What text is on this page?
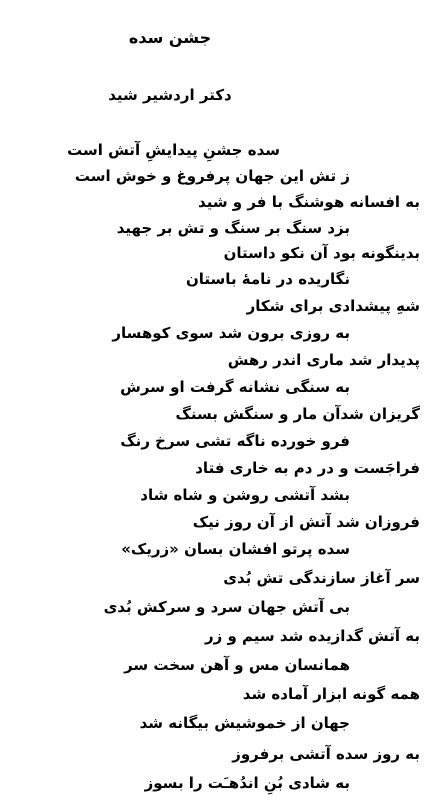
جشن سده
دکتر اردشیر شید
سده جشنِ پیدایشِ آتش است
ز تش این جهان پرفروغ و خوش است
به افسانه هوشنگ با فر و شید
بزد سنگ بر سنگ و تش بر جهید
بدینگونه بود آن نکو داستان
نگاریده در نامهٔ باستان
شهِ پیشدادی برای شکار
به روزی برون شد سوی کوهسار
پدیدار شد ماری اندر رهش
به سنگی نشانه گرفت او سرش
گریزان شدآن مار و سنگش بسنگ
فرو خورده ناگه تشی سرخ رنگ
فراجَست و در دم به خاری فتاد
بشد آتشی روشن و شاه شاد
فروزان شد آتش از آن روز نیک
سده پرتو افشان بسان «زریک»
سر آغاز سازندگی تش بُدی
بی آتش جهان سرد و سرکش بُدی
به آتش گدازیده شد سیم و زر
همانسان مس و آهن سخت سر
همه گونه ابزار آماده شد
جهان از خموشیش بیگانه شد
به روز سده آتشی برفروز
به شادی بُنِ اندُهـَت را بسوز
